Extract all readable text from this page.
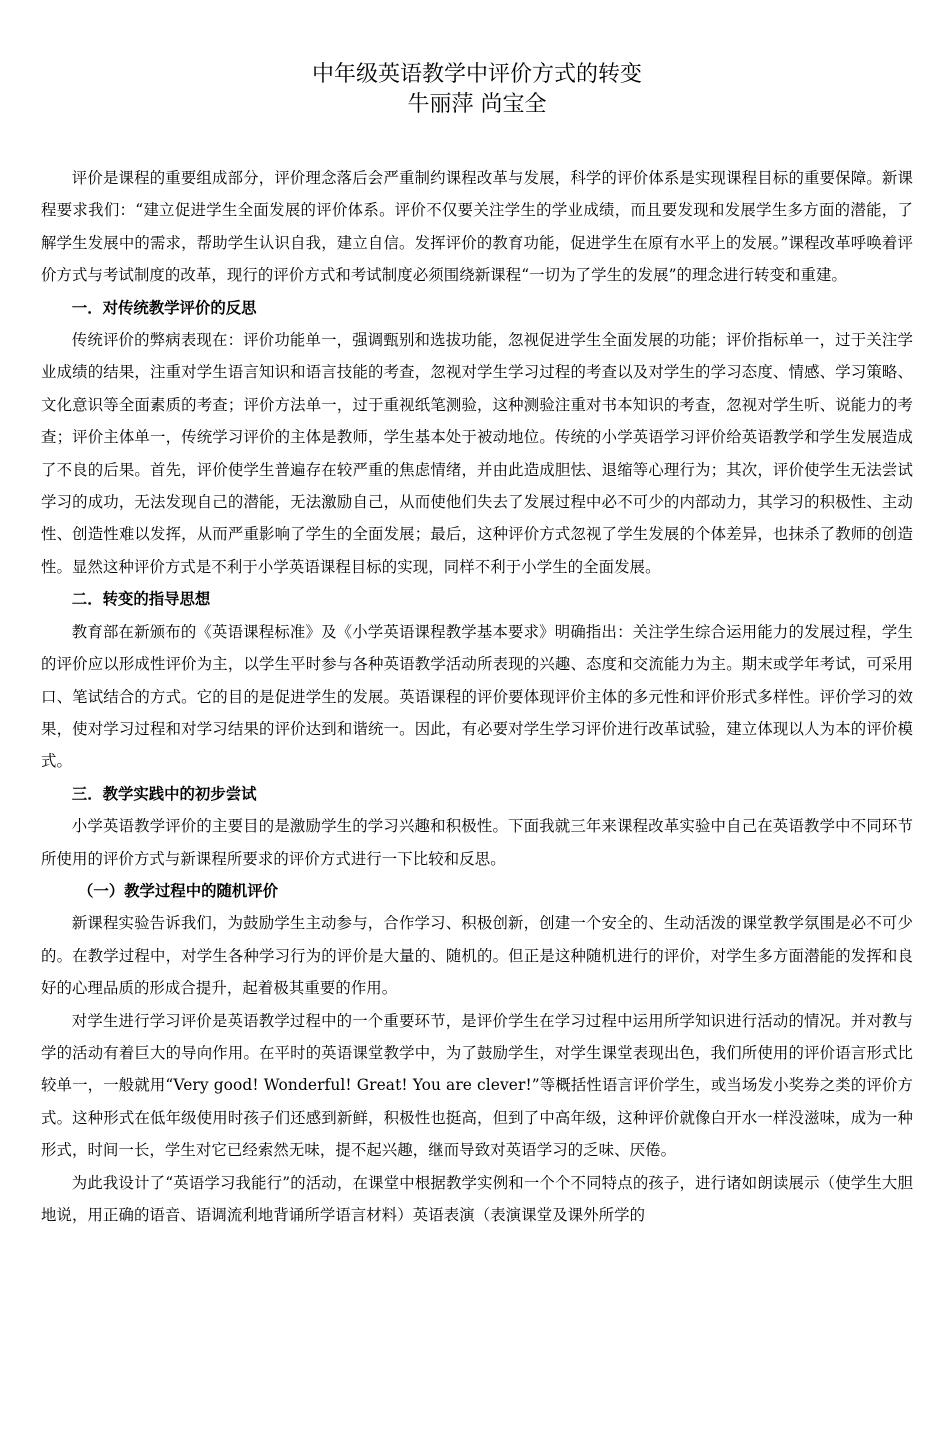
中年级英语教学中评价方式的转变
牛丽萍 尚宝全

评价是课程的重要组成部分，评价理念落后会严重制约课程改革与发展，科学的评价体系是实现课程目标的重要保障。新课程要求我们：“建立促进学生全面发展的评价体系。评价不仅要关注学生的学业成绩，而且要发现和发展学生多方面的潜能，了解学生发展中的需求，帮助学生认识自我，建立自信。发挥评价的教育功能，促进学生在原有水平上的发展。”课程改革呼唤着评价方式与考试制度的改革，现行的评价方式和考试制度必须围绕新课程“一切为了学生的发展”的理念进行转变和重建。

一．对传统教学评价的反思

传统评价的弊病表现在：评价功能单一，强调甄别和选拔功能，忽视促进学生全面发展的功能；评价指标单一，过于关注学业成绩的结果，注重对学生语言知识和语言技能的考查，忽视对学生学习过程的考查以及对学生的学习态度、情感、学习策略、文化意识等全面素质的考查；评价方法单一，过于重视纸笔测验，这种测验注重对书本知识的考查，忽视对学生听、说能力的考查；评价主体单一，传统学习评价的主体是教师，学生基本处于被动地位。传统的小学英语学习评价给英语教学和学生发展造成了不良的后果。首先，评价使学生普遍存在较严重的焦虑情绪，并由此造成胆怯、退缩等心理行为；其次，评价使学生无法尝试学习的成功，无法发现自己的潜能，无法激励自己，从而使他们失去了发展过程中必不可少的内部动力，其学习的积极性、主动性、创造性难以发挥，从而严重影响了学生的全面发展；最后，这种评价方式忽视了学生发展的个体差异，也抹杀了教师的创造性。显然这种评价方式是不利于小学英语课程目标的实现，同样不利于小学生的全面发展。

二．转变的指导思想

教育部在新颁布的《英语课程标准》及《小学英语课程教学基本要求》明确指出：关注学生综合运用能力的发展过程，学生的评价应以形成性评价为主，以学生平时参与各种英语教学活动所表现的兴趣、态度和交流能力为主。期末或学年考试，可采用口、笔试结合的方式。它的目的是促进学生的发展。英语课程的评价要体现评价主体的多元性和评价形式多样性。评价学习的效果，使对学习过程和对学习结果的评价达到和谐统一。因此，有必要对学生学习评价进行改革试验，建立体现以人为本的评价模式。

三．教学实践中的初步尝试

小学英语教学评价的主要目的是激励学生的学习兴趣和积极性。下面我就三年来课程改革实验中自己在英语教学中不同环节所使用的评价方式与新课程所要求的评价方式进行一下比较和反思。

（一）教学过程中的随机评价

新课程实验告诉我们，为鼓励学生主动参与，合作学习、积极创新，创建一个安全的、生动活泼的课堂教学氛围是必不可少的。在教学过程中，对学生各种学习行为的评价是大量的、随机的。但正是这种随机进行的评价，对学生多方面潜能的发挥和良好的心理品质的形成合提升，起着极其重要的作用。

对学生进行学习评价是英语教学过程中的一个重要环节，是评价学生在学习过程中运用所学知识进行活动的情况。并对教与学的活动有着巨大的导向作用。在平时的英语课堂教学中，为了鼓励学生，对学生课堂表现出色，我们所使用的评价语言形式比较单一，一般就用“Very good! Wonderful! Great! You are clever!”等概括性语言评价学生，或当场发小奖券之类的评价方式。这种形式在低年级使用时孩子们还感到新鲜，积极性也挺高，但到了中高年级，这种评价就像白开水一样没滋味，成为一种形式，时间一长，学生对它已经索然无味，提不起兴趣，继而导致对英语学习的乏味、厌倦。

为此我设计了“英语学习我能行”的活动，在课堂中根据教学实例和一个个不同特点的孩子，进行诸如朗读展示（使学生大胆地说，用正确的语音、语调流利地背诵所学语言材料）英语表演（表演课堂及课外所学的
